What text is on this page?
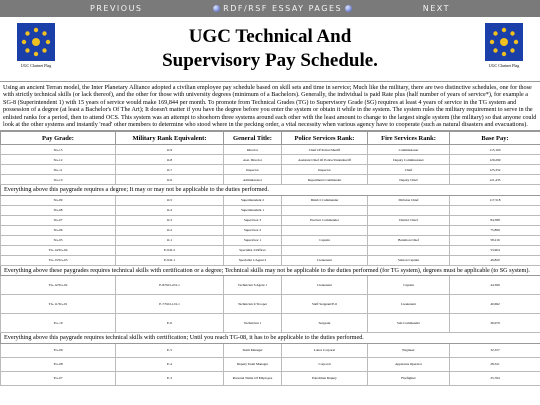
PREVIOUS	RDF/RSF ESSAY PAGES	NEXT
UGC Clarinet Flag
UGC Technical And
Supervisory Pay Schedule.	UGC Clarinet Flag
Using an ancient Terran model, the Inter Planetary Alliance adopted a civilian employee pay schedule based on skill sets and time in service; Much like the military, there are two distinctive schedules, one for those with strictly technical skills (or lack thereof), and the other for those with university degrees (minimum of a Bachelors). Generally, the individual is paid Rate plus (half number of years of service*), for example a SG-8 (Superintendent 1) with 15 years of service would make 169,844 per month. To promote from Technical Grades (TG) to Supervisory Grade (SG) requires at least 4 years of service in the TG system and possession of a degree (at least a Bachelor's Of The Art); It doesn't matter if you have the degree before you enter the system or obtain it while in the system. The system rules the military requirement to serve in the enlisted ranks for a period, then to attend OCS. This system was an attempt to shoehorn three systems around each other with the least amount to change to the largest single system (the military) so that anyone could look at the other systems and instantly 'read' other members to determine who stood where in the pecking order, a vital necessity when various agency have to cooperate (such as natural disasters and evacuations).
Pay Grade:	Military Rank Equivalent:	General Title:	Police Services Rank:	Fire Services Rank:	Base Pay:
SG-13	O-9	Director	Chief Of Police/Sheriff	Commissioner	115,100
SG-12	O-8	Asst. Director	Assistant Chief Of Police/Undersheriff	Deputy Commissioner	129,299
SG-11	O-7	Inspector	Inspector	Chief	125,352
SG-10	O-6	Administrator	Department Commander	Deputy Chief	121,435
Everything above this paygrade requires a degree; It may or may not be applicable to the duties performed.					
SG-09	O-5	Superintendent 2	District Commander	Division Chief	117,518
SG-08	O-4	Superintendent 1			
SG-07	O-3	Supervisor 3	Precinct Commander	District Chief	84,588
SG-06	O-2	Supervisor 2			75,899
SG-05	O-1	Supervisor 1	Captain	Battalion Chief	58,216
TG-14/SG-04	E-9/O-2	Specialist 2/Officer			53,904
TG-13/SG-03	E-9/O-1	Specialist 1/Agent 2	Lieutenant	Station Captain	49,820
Everything above these paygrades requires technical skills with certification or a degree; Technical skills may not be applicable to the duties performed (for TG system), degrees must be applicable (to SG system).					
TG-12/SG-02	E-8/WO-2/O-1	Technician 3/Agent 1	Lieutenant	Captain	44,399
TG-11/SG-01	E-7/WO-1/O-1	Technician 2/Trooper	Staff Sergeant/E-6	Lieutenant	40,692
TG-10	E-6	Technician 1	Sergeant	Sub Commander	36,079
Everything above this paygrade requires technical skills with certification; Until you reach TG-08, it has to be applicable to the duties performed.					
TG-09	E-5	Team Manager	Lance Corporal	Engineer	32,357
TG-08	E-4	Deputy Team Manager	Corporal	Apparatus Operator	28,521
TG-07	E-3	Personal Name Of Employee	Patrolman Deputy	Firefighter	25,764
